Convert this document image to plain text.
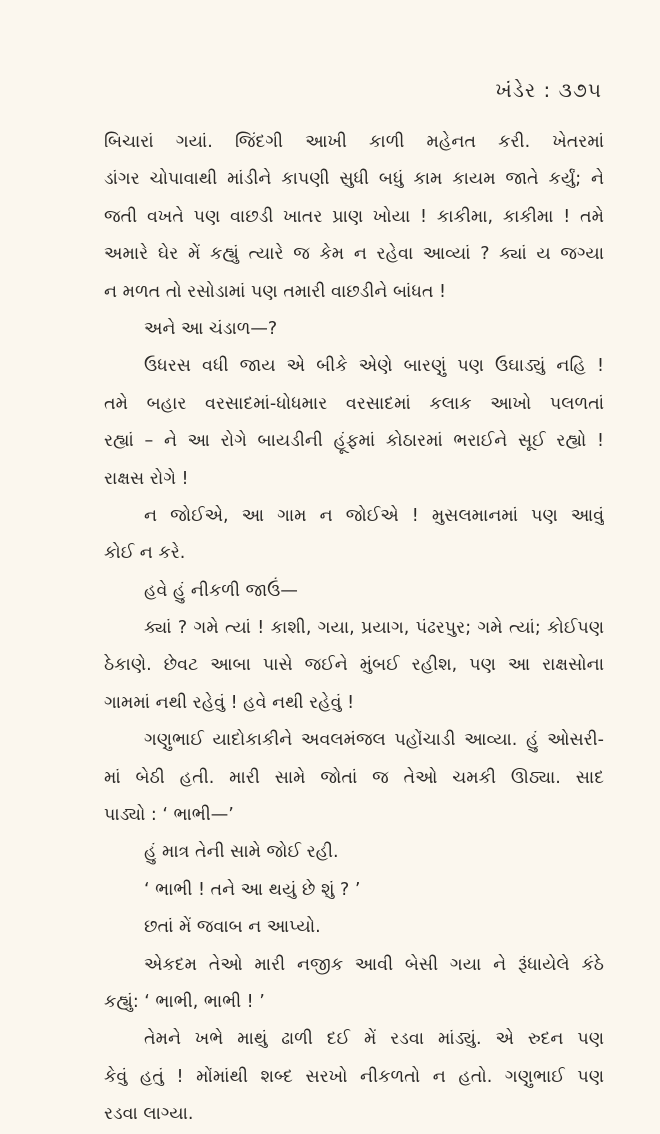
ખંડેર : ૩૭૫
બિચારાં ગયાં. જિંદગી આખી કાળી મહેનત કરી. ખેતરમાં
ડાંગર ચોપાવાથી માંડીને કાપણી સુધી બધું કામ કાયમ જાતે કર્યું; ને
જતી વખતે પણ વાછડી ખાતર પ્રાણ ખોયા ! કાકીમા, કાકીમા ! તમે
અમારે ઘેર મેં કહ્યું ત્યારે જ કેમ ન રહેવા આવ્યાં ? ક્યાં ય જગ્યા
ન મળત તો રસોડામાં પણ તમારી વાછડીને બાંધત !
અને આ ચંડાળ—?
ઉધરસ વધી જાય એ બીકે એણે બારણું પણ ઉઘાડ્યું નહિ !
તમે બહાર વરસાદમાં-ધોધમાર વરસાદમાં કલાક આખો પલળતાં
રહ્યાં – ને આ રોગે બાયડીની હૂંફમાં કોઠારમાં ભરાઈને સૂઈ રહ્યો !
રાક્ષસ રોગે !
ન જોઈએ, આ ગામ ન જોઈએ ! મુસલમાનમાં પણ આવું
કોઈ ન કરે.
હવે હું નીકળી જાઉં—
ક્યાં ? ગમે ત્યાં ! કાશી, ગયા, પ્રયાગ, પંઢરપુર; ગમે ત્યાં; કોઈપણ
ઠેકાણે. છેવટ આબા પાસે જઈને મુંબઈ રહીશ, પણ આ રાક્ષસોના
ગામમાં નથી રહેવું ! હવે નથી રહેવું !
ગણુભાઈ યાદોકાકીને અવલમંજલ પહોંચાડી આવ્યા. હું ઓસરી-
માં બેઠી હતી. મારી સામે જોતાં જ તેઓ ચમકી ઊઠ્યા. સાદ
પાડ્યો : ‘ ભાભી—’
હું માત્ર તેની સામે જોઈ રહી.
‘ ભાભી ! તને આ થયું છે શું ? ’
છતાં મેં જવાબ ન આપ્યો.
એકદમ તેઓ મારી નજીક આવી બેસી ગયા ને રૂંધાયેલે કંઠે
કહ્યું: ‘ ભાભી, ભાભી ! ’
તેમને ખભે માથું ઢાળી દઈ મેં રડવા માંડ્યું. એ રુદન પણ
કેવું હતું ! મોંમાંથી શબ્દ સરખો નીકળતો ન હતો. ગણુભાઈ પણ
રડવા લાગ્યા.
